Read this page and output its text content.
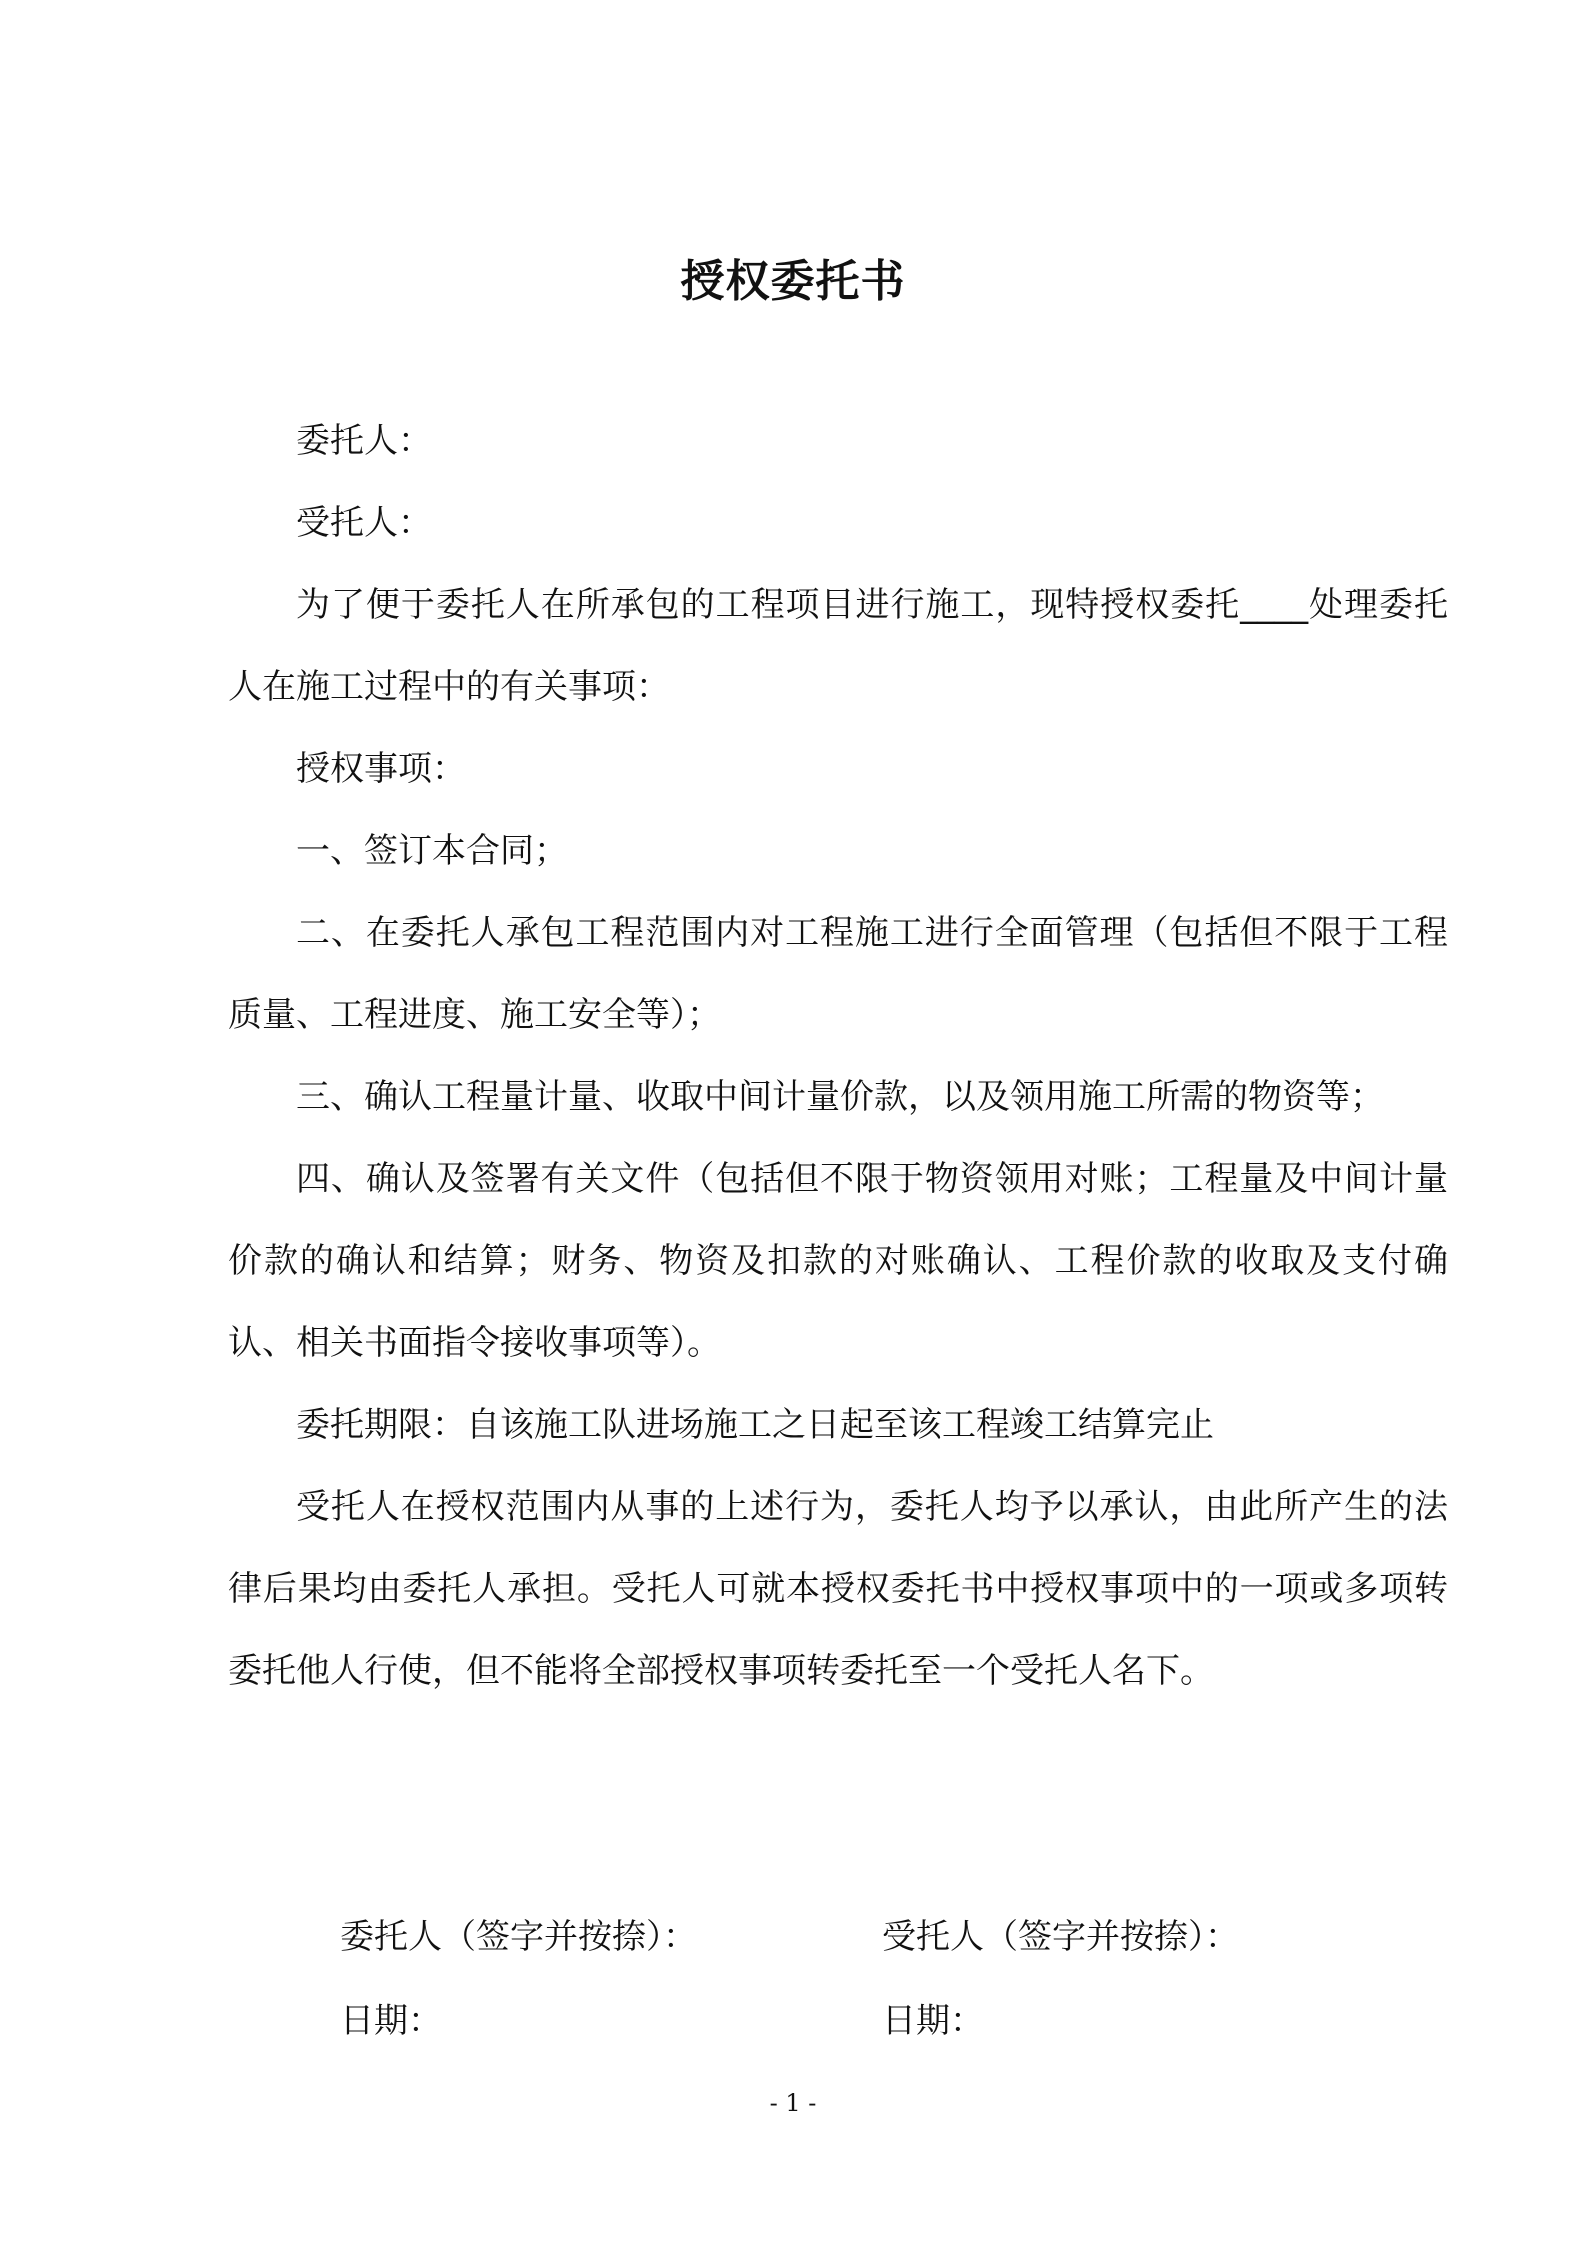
授权委托书

委托人：

受托人：

为了便于委托人在所承包的工程项目进行施工，现特授权委托____处理委托人在施工过程中的有关事项：

授权事项：

一、签订本合同；

二、在委托人承包工程范围内对工程施工进行全面管理（包括但不限于工程质量、工程进度、施工安全等）；

三、确认工程量计量、收取中间计量价款，以及领用施工所需的物资等；

四、确认及签署有关文件（包括但不限于物资领用对账；工程量及中间计量价款的确认和结算；财务、物资及扣款的对账确认、工程价款的收取及支付确认、相关书面指令接收事项等）。

委托期限：自该施工队进场施工之日起至该工程竣工结算完止

受托人在授权范围内从事的上述行为，委托人均予以承认，由此所产生的法律后果均由委托人承担。受托人可就本授权委托书中授权事项中的一项或多项转委托他人行使，但不能将全部授权事项转委托至一个受托人名下。

委托人（签字并按捺）：	受托人（签字并按捺）：
日期：	日期：
- 1 -
